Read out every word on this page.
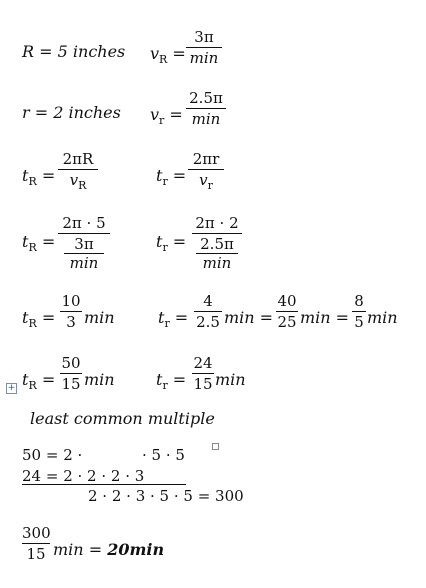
R = 5 inches $v_R$ =
3π
min
r = 2 inches $v_r$ =
2.5π
min
$t_R$ =
2πR
$v_R$
$t_r$ =
2πr
$v_r$
$t_R$ =
2π · 5
3π
min
$t_r$ =
2π · 2
2.5π
min
$t_R$ =
10
3 min	$t_r$ =
4
2.5 min =
40
25 min =
8
5 min
+ $t_R$ =
50
15 min	$t_r$ =
24
15 min
least common multiple
50 = 2 ·	· 5 · 5
24 = 2 · 2 · 2 · 3
2 · 2 · 3 · 5 · 5 = 300
300
15 min = 20min
